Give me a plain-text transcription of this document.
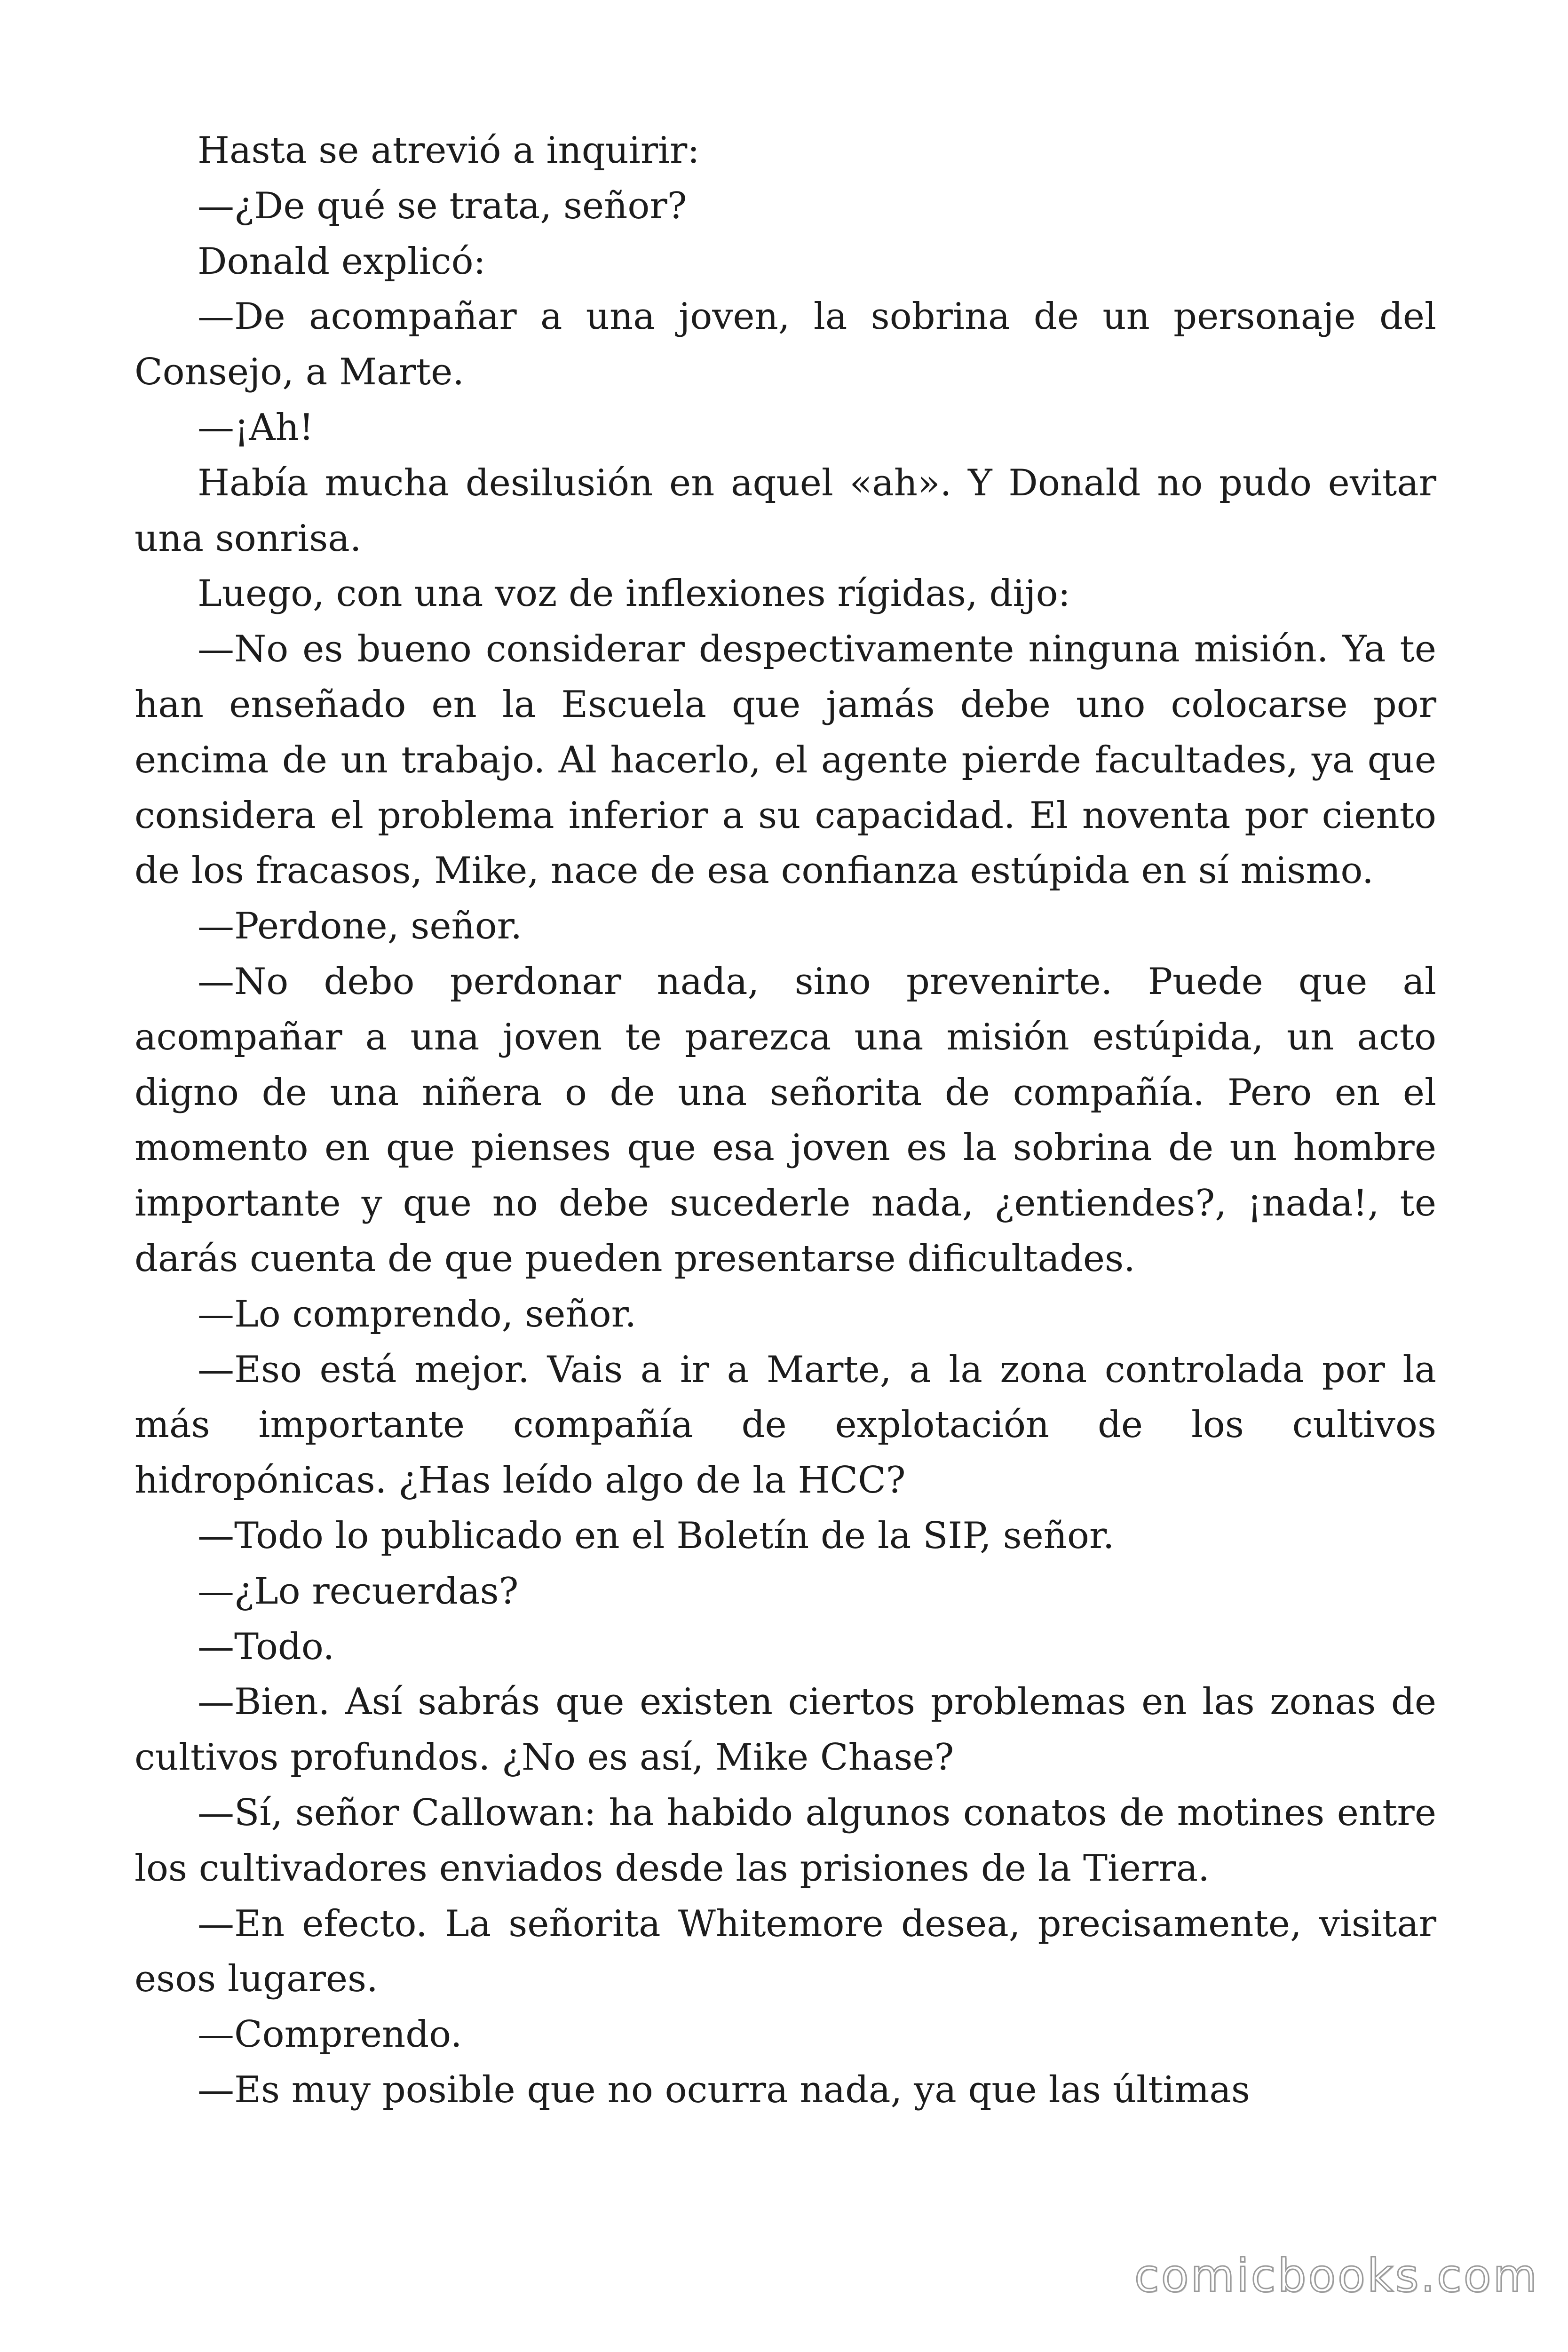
Hasta se atrevió a inquirir:

—¿De qué se trata, señor?

Donald explicó:

—De acompañar a una joven, la sobrina de un personaje del Consejo, a Marte.

—¡Ah!

Había mucha desilusión en aquel «ah». Y Donald no pudo evitar una sonrisa.

Luego, con una voz de inflexiones rígidas, dijo:

—No es bueno considerar despectivamente ninguna misión. Ya te han enseñado en la Escuela que jamás debe uno colocarse por encima de un trabajo. Al hacerlo, el agente pierde facultades, ya que considera el problema inferior a su capacidad. El noventa por ciento de los fracasos, Mike, nace de esa confianza estúpida en sí mismo.

—Perdone, señor.

—No debo perdonar nada, sino prevenirte. Puede que al acompañar a una joven te parezca una misión estúpida, un acto digno de una niñera o de una señorita de compañía. Pero en el momento en que pienses que esa joven es la sobrina de un hombre importante y que no debe sucederle nada, ¿entiendes?, ¡nada!, te darás cuenta de que pueden presentarse dificultades.

—Lo comprendo, señor.

—Eso está mejor. Vais a ir a Marte, a la zona controlada por la más importante compañía de explotación de los cultivos hidropónicas. ¿Has leído algo de la HCC?

—Todo lo publicado en el Boletín de la SIP, señor.

—¿Lo recuerdas?

—Todo.

—Bien. Así sabrás que existen ciertos problemas en las zonas de cultivos profundos. ¿No es así, Mike Chase?

—Sí, señor Callowan: ha habido algunos conatos de motines entre los cultivadores enviados desde las prisiones de la Tierra.

—En efecto. La señorita Whitemore desea, precisamente, visitar esos lugares.

—Comprendo.

—Es muy posible que no ocurra nada, ya que las últimas

comicbooks.com
